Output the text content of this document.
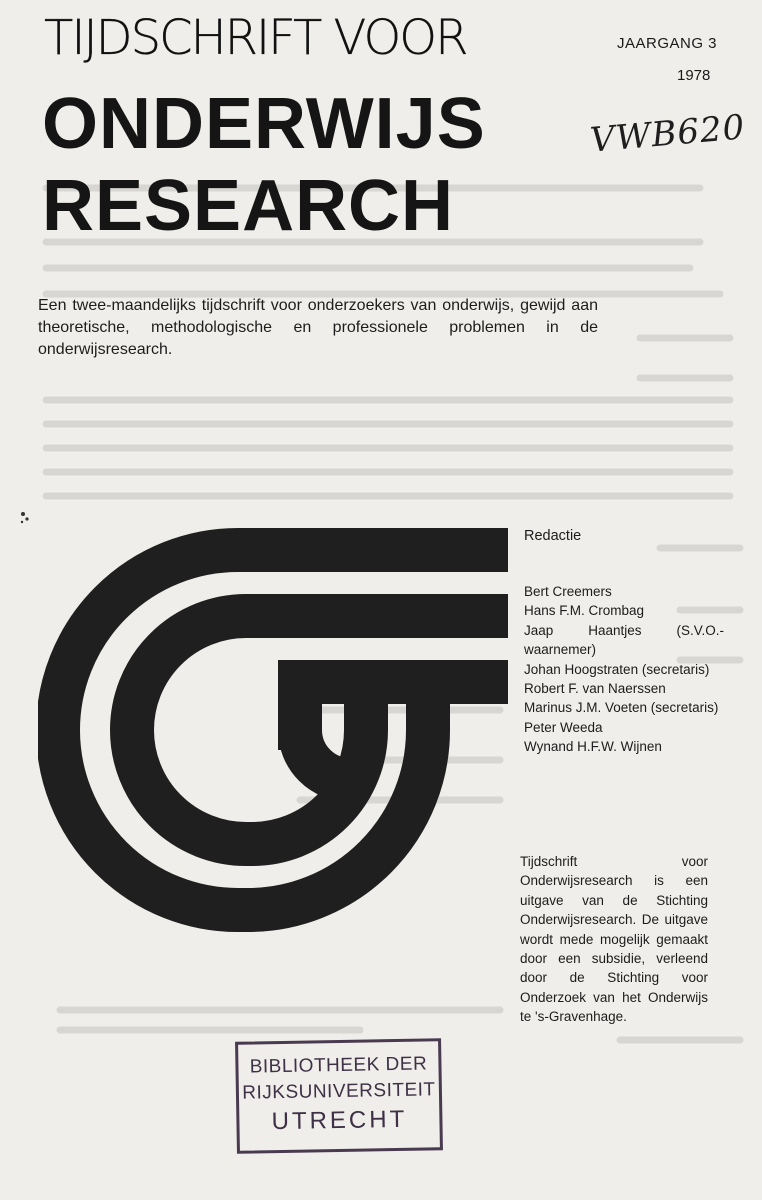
TIJDSCHRIFT VOOR	JAARGANG 3
1978
ONDERWIJS
RESEARCH
VWB620

Een twee-maandelijks tijdschrift voor onderzoekers van onderwijs, gewijd aan theoretische, methodologische en professionele problemen in de onderwijsresearch.

Redactie
Bert Creemers
Hans F.M. Crombag
Jaap Haantjes (S.V.O.-waarnemer)
Johan Hoogstraten (secretaris)
Robert F. van Naerssen
Marinus J.M. Voeten (secretaris)
Peter Weeda
Wynand H.F.W. Wijnen
Tijdschrift voor Onderwijsresearch is een uitgave van de Stichting Onderwijsresearch. De uitgave wordt mede mogelijk gemaakt door een subsidie, verleend door de Stichting voor Onderzoek van het Onderwijs te 's-Gravenhage.
BIBLIOTHEEK DER
RIJKSUNIVERSITEIT
UTRECHT
